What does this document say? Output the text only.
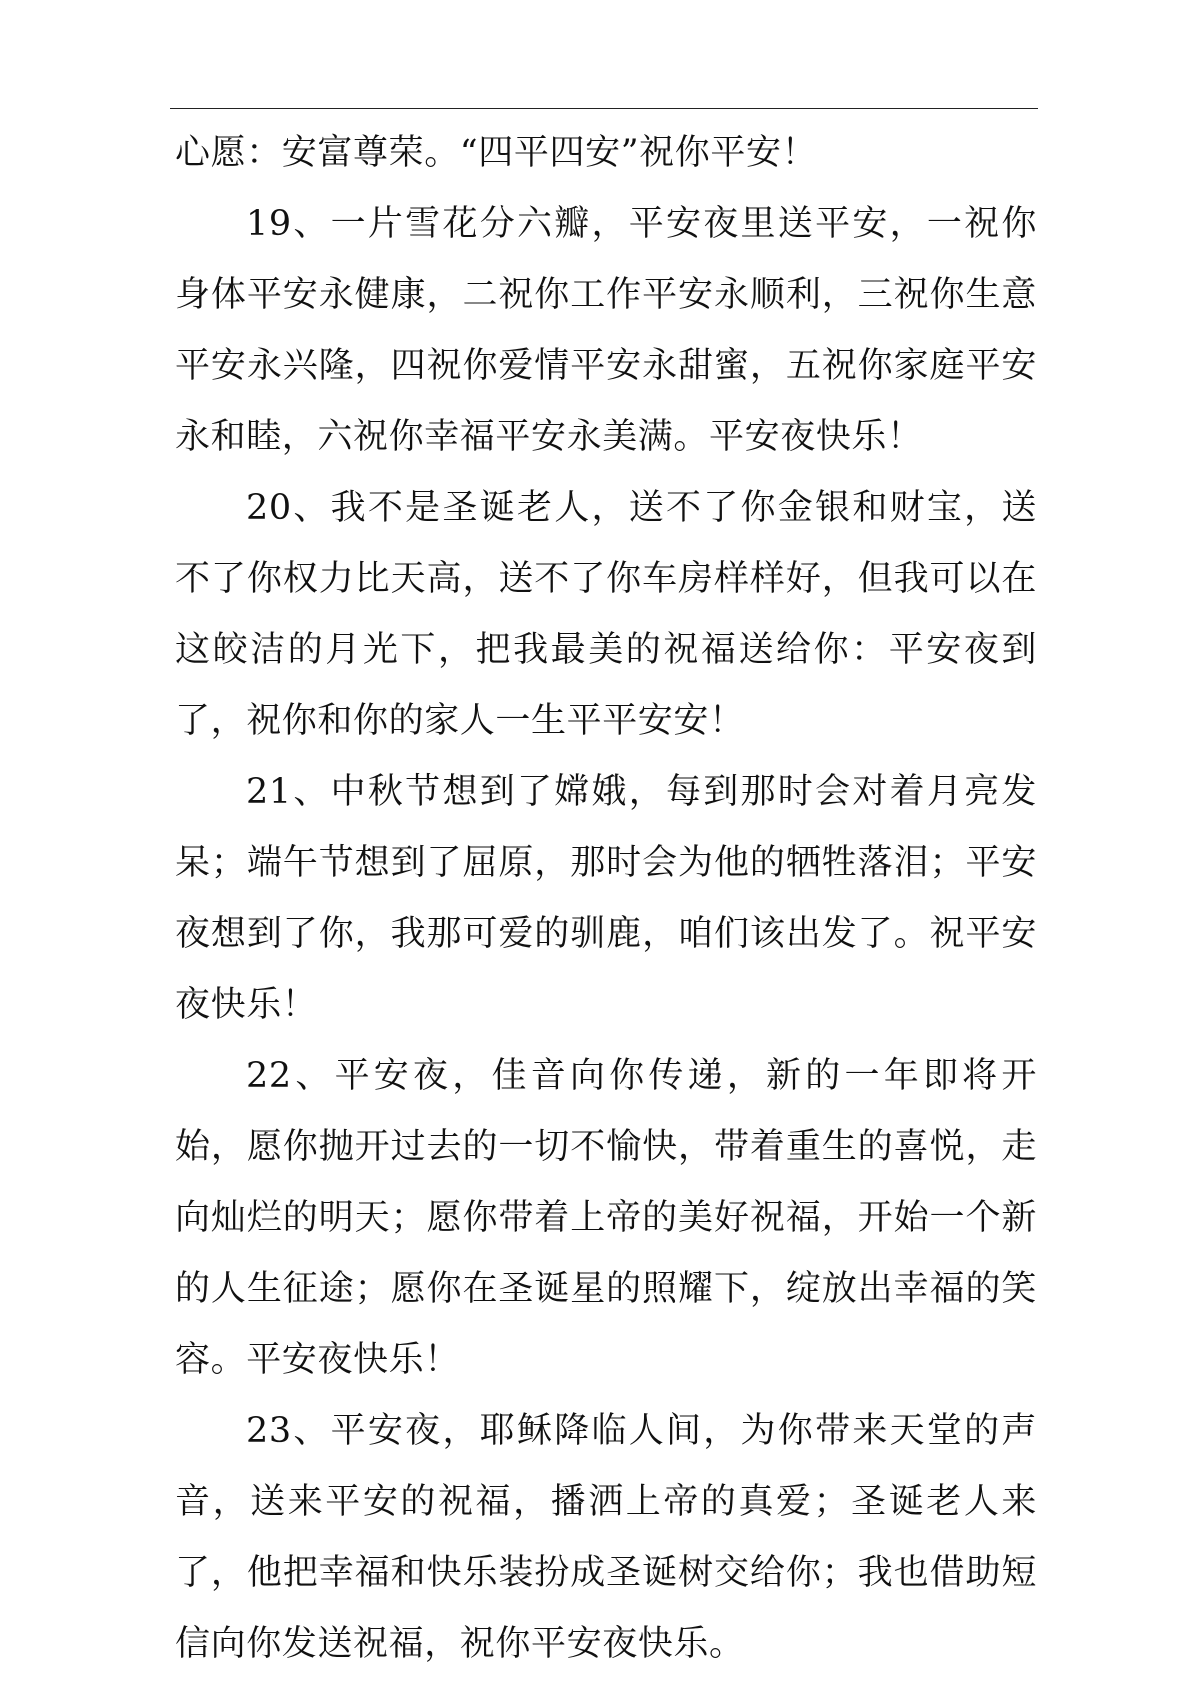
心愿：安富尊荣。“四平四安”祝你平安！

19、一片雪花分六瓣，平安夜里送平安，一祝你身体平安永健康，二祝你工作平安永顺利，三祝你生意平安永兴隆，四祝你爱情平安永甜蜜，五祝你家庭平安永和睦，六祝你幸福平安永美满。平安夜快乐！

20、我不是圣诞老人，送不了你金银和财宝，送不了你权力比天高，送不了你车房样样好，但我可以在这皎洁的月光下，把我最美的祝福送给你：平安夜到了，祝你和你的家人一生平平安安！

21、中秋节想到了嫦娥，每到那时会对着月亮发呆；端午节想到了屈原，那时会为他的牺牲落泪；平安夜想到了你，我那可爱的驯鹿，咱们该出发了。祝平安夜快乐！

22、平安夜，佳音向你传递，新的一年即将开始，愿你抛开过去的一切不愉快，带着重生的喜悦，走向灿烂的明天；愿你带着上帝的美好祝福，开始一个新的人生征途；愿你在圣诞星的照耀下，绽放出幸福的笑容。平安夜快乐！

23、平安夜，耶稣降临人间，为你带来天堂的声音，送来平安的祝福，播洒上帝的真爱；圣诞老人来了，他把幸福和快乐装扮成圣诞树交给你；我也借助短信向你发送祝福，祝你平安夜快乐。
